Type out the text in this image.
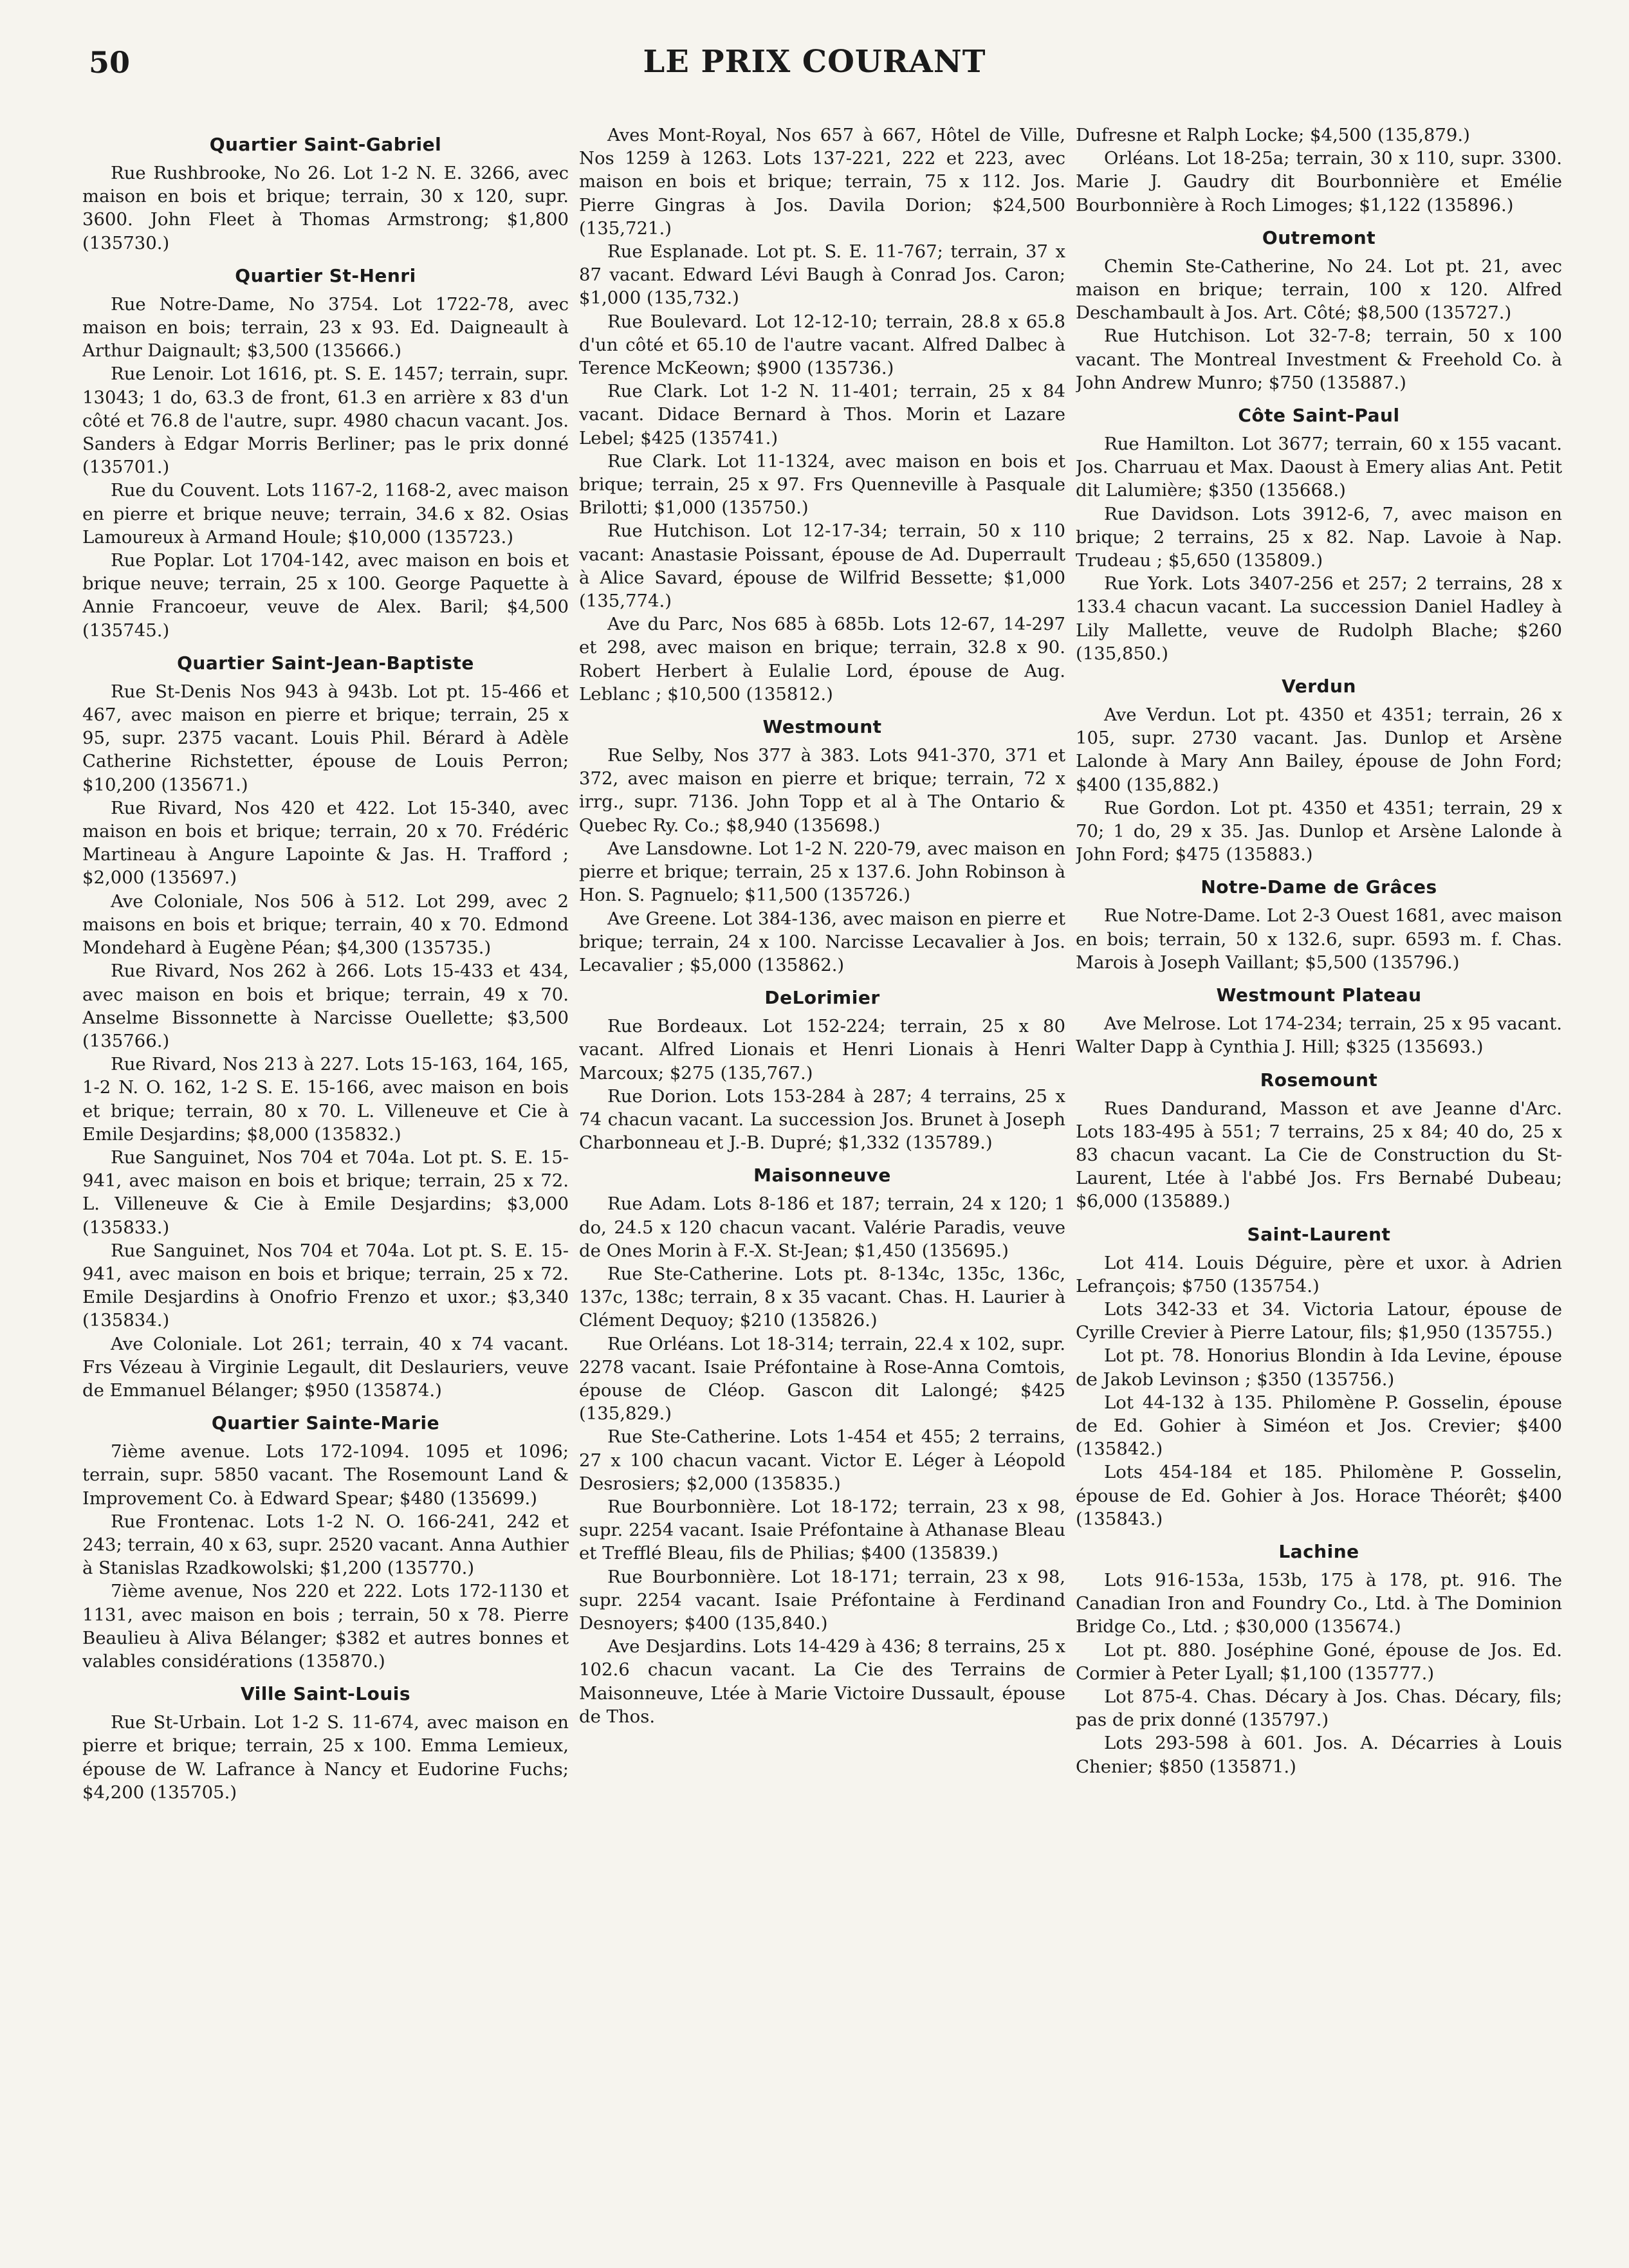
50	LE PRIX COURANT
Quartier Saint-Gabriel

Rue Rushbrooke, No 26. Lot 1-2 N. E. 3266, avec maison en bois et brique; terrain, 30 x 120, supr. 3600. John Fleet à Thomas Armstrong; $1,800 (135730.)

Quartier St-Henri

Rue Notre-Dame, No 3754. Lot 1722-78, avec maison en bois; terrain, 23 x 93. Ed. Daigneault à Arthur Daignault; $3,500 (135666.)

Rue Lenoir. Lot 1616, pt. S. E. 1457; terrain, supr. 13043; 1 do, 63.3 de front, 61.3 en arrière x 83 d'un côté et 76.8 de l'autre, supr. 4980 chacun vacant. Jos. Sanders à Edgar Morris Berliner; pas le prix donné (135701.)

Rue du Couvent. Lots 1167-2, 1168-2, avec maison en pierre et brique neuve; terrain, 34.6 x 82. Osias Lamoureux à Armand Houle; $10,000 (135723.)

Rue Poplar. Lot 1704-142, avec maison en bois et brique neuve; terrain, 25 x 100. George Paquette à Annie Francoeur, veuve de Alex. Baril; $4,500 (135745.)

Quartier Saint-Jean-Baptiste

Rue St-Denis Nos 943 à 943b. Lot pt. 15-466 et 467, avec maison en pierre et brique; terrain, 25 x 95, supr. 2375 vacant. Louis Phil. Bérard à Adèle Catherine Richstetter, épouse de Louis Perron; $10,200 (135671.)

Rue Rivard, Nos 420 et 422. Lot 15-340, avec maison en bois et brique; terrain, 20 x 70. Frédéric Martineau à Angure Lapointe & Jas. H. Trafford ; $2,000 (135697.)

Ave Coloniale, Nos 506 à 512. Lot 299, avec 2 maisons en bois et brique; terrain, 40 x 70. Edmond Mondehard à Eugène Péan; $4,300 (135735.)

Rue Rivard, Nos 262 à 266. Lots 15-433 et 434, avec maison en bois et brique; terrain, 49 x 70. Anselme Bissonnette à Narcisse Ouellette; $3,500 (135766.)

Rue Rivard, Nos 213 à 227. Lots 15-163, 164, 165, 1-2 N. O. 162, 1-2 S. E. 15-166, avec maison en bois et brique; terrain, 80 x 70. L. Villeneuve et Cie à Emile Desjardins; $8,000 (135832.)

Rue Sanguinet, Nos 704 et 704a. Lot pt. S. E. 15-941, avec maison en bois et brique; terrain, 25 x 72. L. Villeneuve & Cie à Emile Desjardins; $3,000 (135833.)

Rue Sanguinet, Nos 704 et 704a. Lot pt. S. E. 15-941, avec maison en bois et brique; terrain, 25 x 72. Emile Desjardins à Onofrio Frenzo et uxor.; $3,340 (135834.)

Ave Coloniale. Lot 261; terrain, 40 x 74 vacant. Frs Vézeau à Virginie Legault, dit Deslauriers, veuve de Emmanuel Bélanger; $950 (135874.)

Quartier Sainte-Marie

7ième avenue. Lots 172-1094. 1095 et 1096; terrain, supr. 5850 vacant. The Rosemount Land & Improvement Co. à Edward Spear; $480 (135699.)

Rue Frontenac. Lots 1-2 N. O. 166-241, 242 et 243; terrain, 40 x 63, supr. 2520 vacant. Anna Authier à Stanislas Rzadkowolski; $1,200 (135770.)

7ième avenue, Nos 220 et 222. Lots 172-1130 et 1131, avec maison en bois ; terrain, 50 x 78. Pierre Beaulieu à Aliva Bélanger; $382 et autres bonnes et valables considérations (135870.)

Ville Saint-Louis

Rue St-Urbain. Lot 1-2 S. 11-674, avec maison en pierre et brique; terrain, 25 x 100. Emma Lemieux, épouse de W. Lafrance à Nancy et Eudorine Fuchs; $4,200 (135705.)

Aves Mont-Royal, Nos 657 à 667, Hôtel de Ville, Nos 1259 à 1263. Lots 137-221, 222 et 223, avec maison en bois et brique; terrain, 75 x 112. Jos. Pierre Gingras à Jos. Davila Dorion; $24,500 (135,721.)

Rue Esplanade. Lot pt. S. E. 11-767; terrain, 37 x 87 vacant. Edward Lévi Baugh à Conrad Jos. Caron; $1,000 (135,732.)

Rue Boulevard. Lot 12-12-10; terrain, 28.8 x 65.8 d'un côté et 65.10 de l'autre vacant. Alfred Dalbec à Terence McKeown; $900 (135736.)

Rue Clark. Lot 1-2 N. 11-401; terrain, 25 x 84 vacant. Didace Bernard à Thos. Morin et Lazare Lebel; $425 (135741.)

Rue Clark. Lot 11-1324, avec maison en bois et brique; terrain, 25 x 97. Frs Quenneville à Pasquale Brilotti; $1,000 (135750.)

Rue Hutchison. Lot 12-17-34; terrain, 50 x 110 vacant: Anastasie Poissant, épouse de Ad. Duperrault à Alice Savard, épouse de Wilfrid Bessette; $1,000 (135,774.)

Ave du Parc, Nos 685 à 685b. Lots 12-67, 14-297 et 298, avec maison en brique; terrain, 32.8 x 90. Robert Herbert à Eulalie Lord, épouse de Aug. Leblanc ; $10,500 (135812.)

Westmount

Rue Selby, Nos 377 à 383. Lots 941-370, 371 et 372, avec maison en pierre et brique; terrain, 72 x irrg., supr. 7136. John Topp et al à The Ontario & Quebec Ry. Co.; $8,940 (135698.)

Ave Lansdowne. Lot 1-2 N. 220-79, avec maison en pierre et brique; terrain, 25 x 137.6. John Robinson à Hon. S. Pagnuelo; $11,500 (135726.)

Ave Greene. Lot 384-136, avec maison en pierre et brique; terrain, 24 x 100. Narcisse Lecavalier à Jos. Lecavalier ; $5,000 (135862.)

DeLorimier

Rue Bordeaux. Lot 152-224; terrain, 25 x 80 vacant. Alfred Lionais et Henri Lionais à Henri Marcoux; $275 (135,767.)

Rue Dorion. Lots 153-284 à 287; 4 terrains, 25 x 74 chacun vacant. La succession Jos. Brunet à Joseph Charbonneau et J.-B. Dupré; $1,332 (135789.)

Maisonneuve

Rue Adam. Lots 8-186 et 187; terrain, 24 x 120; 1 do, 24.5 x 120 chacun vacant. Valérie Paradis, veuve de Ones Morin à F.-X. St-Jean; $1,450 (135695.)

Rue Ste-Catherine. Lots pt. 8-134c, 135c, 136c, 137c, 138c; terrain, 8 x 35 vacant. Chas. H. Laurier à Clément Dequoy; $210 (135826.)

Rue Orléans. Lot 18-314; terrain, 22.4 x 102, supr. 2278 vacant. Isaie Préfontaine à Rose-Anna Comtois, épouse de Cléop. Gascon dit Lalongé; $425 (135,829.)

Rue Ste-Catherine. Lots 1-454 et 455; 2 terrains, 27 x 100 chacun vacant. Victor E. Léger à Léopold Desrosiers; $2,000 (135835.)

Rue Bourbonnière. Lot 18-172; terrain, 23 x 98, supr. 2254 vacant. Isaie Préfontaine à Athanase Bleau et Trefflé Bleau, fils de Philias; $400 (135839.)

Rue Bourbonnière. Lot 18-171; terrain, 23 x 98, supr. 2254 vacant. Isaie Préfontaine à Ferdinand Desnoyers; $400 (135,840.)

Ave Desjardins. Lots 14-429 à 436; 8 terrains, 25 x 102.6 chacun vacant. La Cie des Terrains de Maisonneuve, Ltée à Marie Victoire Dussault, épouse de Thos.

Dufresne et Ralph Locke; $4,500 (135,879.)

Orléans. Lot 18-25a; terrain, 30 x 110, supr. 3300. Marie J. Gaudry dit Bourbonnière et Emélie Bourbonnière à Roch Limoges; $1,122 (135896.)

Outremont

Chemin Ste-Catherine, No 24. Lot pt. 21, avec maison en brique; terrain, 100 x 120. Alfred Deschambault à Jos. Art. Côté; $8,500 (135727.)

Rue Hutchison. Lot 32-7-8; terrain, 50 x 100 vacant. The Montreal Investment & Freehold Co. à John Andrew Munro; $750 (135887.)

Côte Saint-Paul

Rue Hamilton. Lot 3677; terrain, 60 x 155 vacant. Jos. Charruau et Max. Daoust à Emery alias Ant. Petit dit Lalumière; $350 (135668.)

Rue Davidson. Lots 3912-6, 7, avec maison en brique; 2 terrains, 25 x 82. Nap. Lavoie à Nap. Trudeau ; $5,650 (135809.)

Rue York. Lots 3407-256 et 257; 2 terrains, 28 x 133.4 chacun vacant. La succession Daniel Hadley à Lily Mallette, veuve de Rudolph Blache; $260 (135,850.)

Verdun

Ave Verdun. Lot pt. 4350 et 4351; terrain, 26 x 105, supr. 2730 vacant. Jas. Dunlop et Arsène Lalonde à Mary Ann Bailey, épouse de John Ford; $400 (135,882.)

Rue Gordon. Lot pt. 4350 et 4351; terrain, 29 x 70; 1 do, 29 x 35. Jas. Dunlop et Arsène Lalonde à John Ford; $475 (135883.)

Notre-Dame de Grâces

Rue Notre-Dame. Lot 2-3 Ouest 1681, avec maison en bois; terrain, 50 x 132.6, supr. 6593 m. f. Chas. Marois à Joseph Vaillant; $5,500 (135796.)

Westmount Plateau

Ave Melrose. Lot 174-234; terrain, 25 x 95 vacant. Walter Dapp à Cynthia J. Hill; $325 (135693.)

Rosemount

Rues Dandurand, Masson et ave Jeanne d'Arc. Lots 183-495 à 551; 7 terrains, 25 x 84; 40 do, 25 x 83 chacun vacant. La Cie de Construction du St-Laurent, Ltée à l'abbé Jos. Frs Bernabé Dubeau; $6,000 (135889.)

Saint-Laurent

Lot 414. Louis Déguire, père et uxor. à Adrien Lefrançois; $750 (135754.)

Lots 342-33 et 34. Victoria Latour, épouse de Cyrille Crevier à Pierre Latour, fils; $1,950 (135755.)

Lot pt. 78. Honorius Blondin à Ida Levine, épouse de Jakob Levinson ; $350 (135756.)

Lot 44-132 à 135. Philomène P. Gosselin, épouse de Ed. Gohier à Siméon et Jos. Crevier; $400 (135842.)

Lots 454-184 et 185. Philomène P. Gosselin, épouse de Ed. Gohier à Jos. Horace Théorêt; $400 (135843.)

Lachine

Lots 916-153a, 153b, 175 à 178, pt. 916. The Canadian Iron and Foundry Co., Ltd. à The Dominion Bridge Co., Ltd. ; $30,000 (135674.)

Lot pt. 880. Joséphine Goné, épouse de Jos. Ed. Cormier à Peter Lyall; $1,100 (135777.)

Lot 875-4. Chas. Décary à Jos. Chas. Décary, fils; pas de prix donné (135797.)

Lots 293-598 à 601. Jos. A. Décarries à Louis Chenier; $850 (135871.)
